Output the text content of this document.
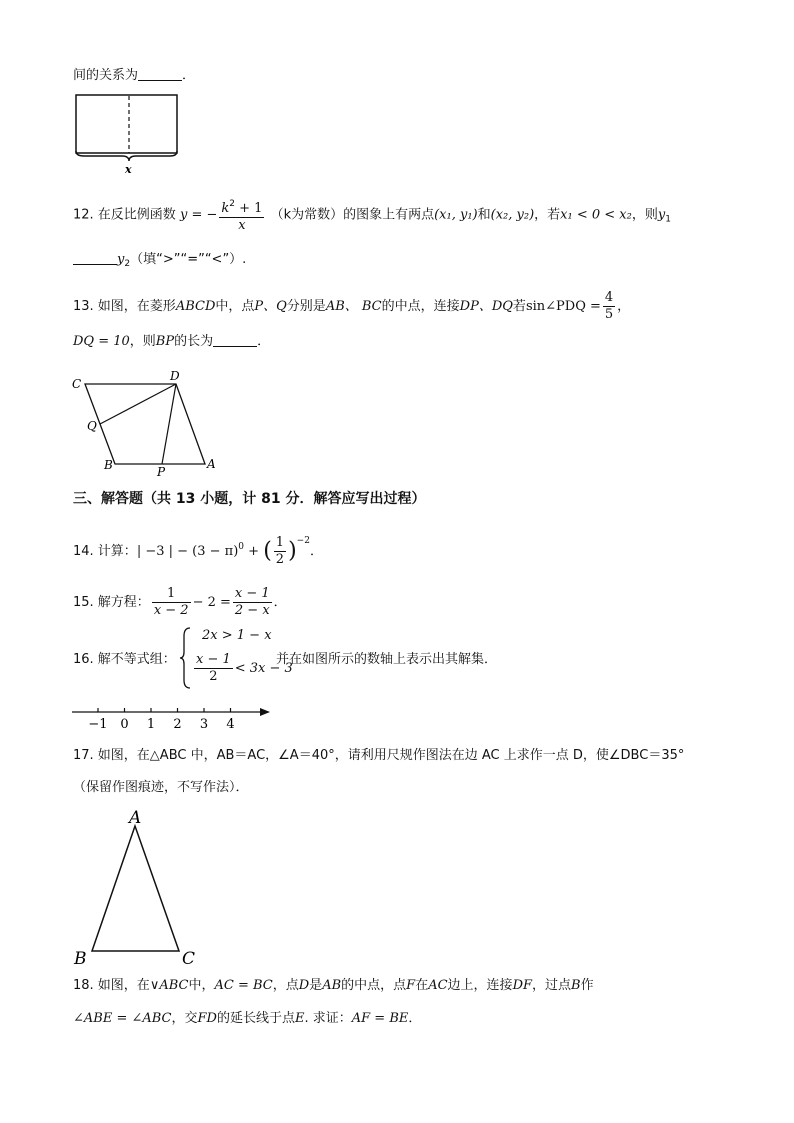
间的关系为	．
x
12. 在反比例函数 y = − $\frac{k^2 + 1}{x} (k$为常数）的图象上有两点(x₁, y₁)和(x₂, y₂)，若x₁ < 0 < x₂，则$y_1$
$y_2$（填“>”“=”“<”）.
13. 如图，在菱形ABCD中，点P、Q分别是AB、 BC的中点，连接DP、DQ若sin∠PDQ = $\frac{4}{5}$ ，
DQ = 10，则BP的长为	．
C
D
Q
B	P
A
三、解答题（共 13 小题，计 81 分．解答应写出过程）
14. 计算：| −3 | − $(3 - \pi)^0$ + ( $\frac{1}{2} )^{-2}$．
15. 解方程： $\frac{1}{x - 2} - 2 = \frac{x - 1}{2 - x}$ ．
16. 解不等式组：
2x > 1 − x
$\frac{x - 1}{2} < 3x - 3$
并在如图所示的数轴上表示出其解集．
−1 0 1 2 3 4
17. 如图，在△ABC 中，AB＝AC，∠A＝40°，请利用尺规作图法在边 AC 上求作一点 D，使∠DBC＝35°
（保留作图痕迹，不写作法）．
A
B	C
18. 如图，在∨ABC中，AC = BC，点D是AB的中点，点F在AC边上，连接DF，过点B作
∠ABE = ∠ABC，交FD的延长线于点E. 求证：AF = BE．
